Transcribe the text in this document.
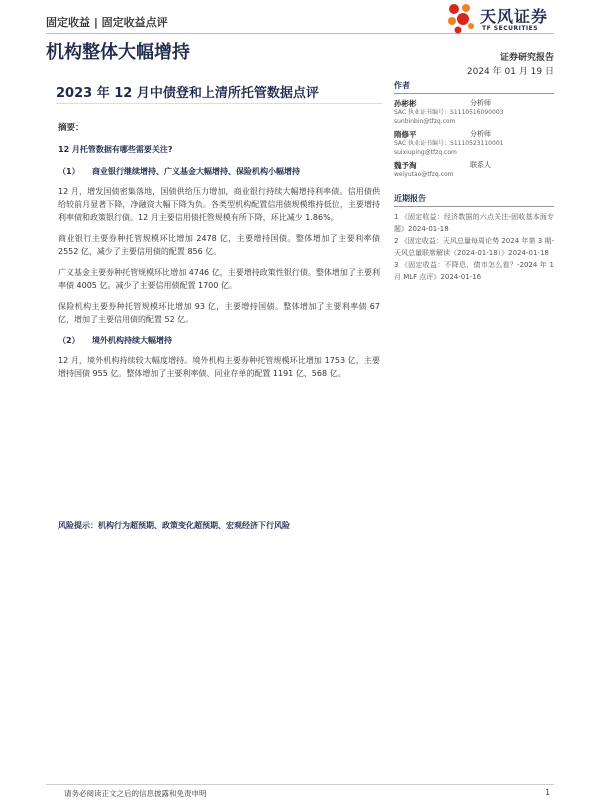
固定收益 | 固定收益点评
机构整体大幅增持
天风证券
TF SECURITIES
证券研究报告
2024 年 01 月 19 日
2023 年 12 月中债登和上清所托管数据点评
摘要：
12 月托管数据有哪些需要关注?
（1） 商业银行继续增持、广义基金大幅增持、保险机构小幅增持

12 月，增发国债密集落地，国债供给压力增加，商业银行持续大幅增持利率债。信用债供给较前月显著下降，净融资大幅下降为负。各类型机构配置信用债规模维持低位，主要增持利率债和政策银行债。12 月主要信用债托管规模有所下降，环比减少 1.86%。

商业银行主要券种托管规模环比增加 2478 亿，主要增持国债。整体增加了主要利率债 2552 亿，减少了主要信用债的配置 856 亿。

广义基金主要券种托管规模环比增加 4746 亿，主要增持政策性银行债。整体增加了主要利率债 4005 亿。减少了主要信用债配置 1700 亿。

保险机构主要券种托管规模环比增加 93 亿，主要增持国债。整体增加了主要利率债 67 亿，增加了主要信用债的配置 52 亿。

（2） 境外机构持续大幅增持

12 月，境外机构持续较大幅度增持。境外机构主要券种托管规模环比增加 1753 亿，主要增持国债 955 亿。整体增加了主要利率债、同业存单的配置 1191 亿、568 亿。

风险提示：机构行为超预期、政策变化超预期、宏观经济下行风险
作者
孙彬彬	分析师
SAC 执业证书编号：S1110516090003
sunbinbin@tfzq.com
隋修平	分析师
SAC 执业证书编号：S1110523110001
suixiuping@tfzq.com
魏予淘	联系人
weiyutao@tfzq.com
近期报告
1 《固定收益：经济数据的六点关注-固收基本面专题》2024-01-18
2 《固定收益：天风总量每周论势 2024 年第 3 期-天风总量联席解读（2024-01-18）》2024-01-18
3 《固定收益：不降息，债市怎么看？-2024 年 1 月 MLF 点评》2024-01-16
请务必阅读正文之后的信息披露和免责申明	1
